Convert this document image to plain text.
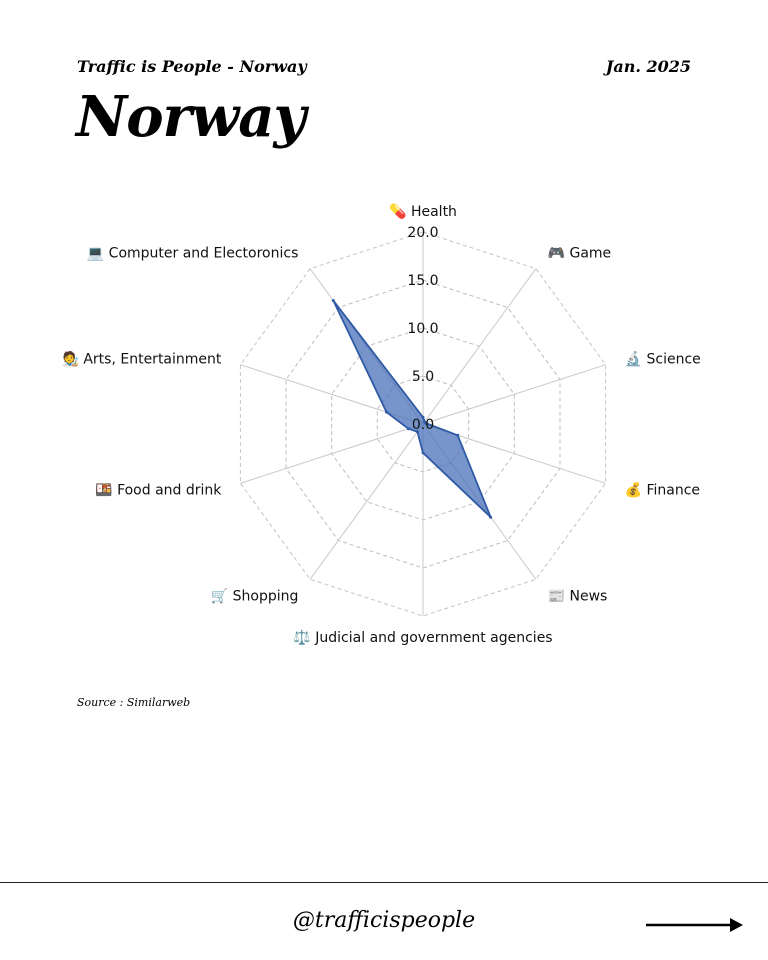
Traffic is People - Norway	Jan. 2025
Norway
0.0
5.0
10.0
15.0
20.0
💊 Health
🎮 Game
🔬 Science
💰 Finance
📰 News
⚖️ Judicial and government agencies
🛒 Shopping
🍱 Food and drink
🧑‍🎨 Arts, Entertainment
💻 Computer and Electoronics
Source : Similarweb
@trafficispeople
